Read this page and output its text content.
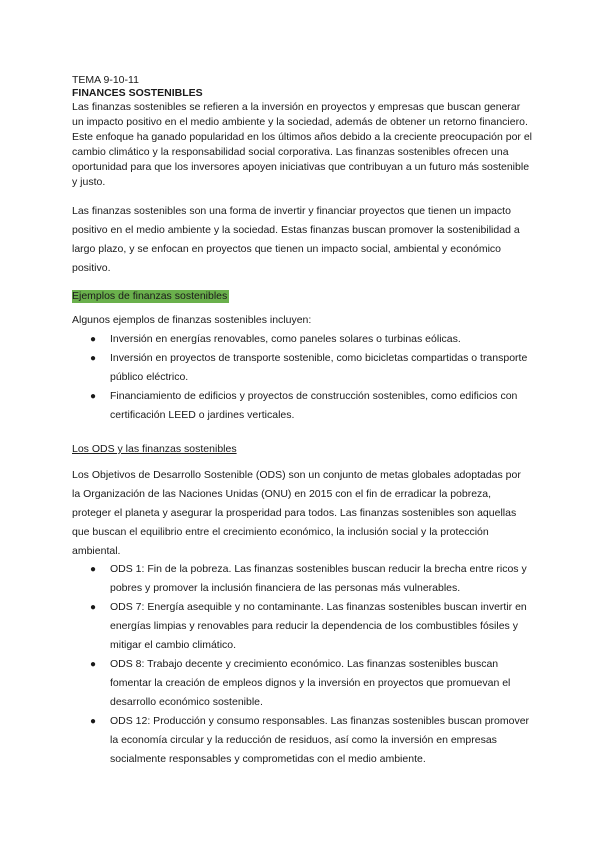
TEMA 9-10-11
FINANCES SOSTENIBLES

Las finanzas sostenibles se refieren a la inversión en proyectos y empresas que buscan generar un impacto positivo en el medio ambiente y la sociedad, además de obtener un retorno financiero. Este enfoque ha ganado popularidad en los últimos años debido a la creciente preocupación por el cambio climático y la responsabilidad social corporativa. Las finanzas sostenibles ofrecen una oportunidad para que los inversores apoyen iniciativas que contribuyan a un futuro más sostenible y justo.

Las finanzas sostenibles son una forma de invertir y financiar proyectos que tienen un impacto positivo en el medio ambiente y la sociedad. Estas finanzas buscan promover la sostenibilidad a largo plazo, y se enfocan en proyectos que tienen un impacto social, ambiental y económico positivo.

Ejemplos de finanzas sostenibles

Algunos ejemplos de finanzas sostenibles incluyen:

● Inversión en energías renovables, como paneles solares o turbinas eólicas.
● Inversión en proyectos de transporte sostenible, como bicicletas compartidas o transporte público eléctrico.
● Financiamiento de edificios y proyectos de construcción sostenibles, como edificios con certificación LEED o jardines verticales.
Los ODS y las finanzas sostenibles

Los Objetivos de Desarrollo Sostenible (ODS) son un conjunto de metas globales adoptadas por la Organización de las Naciones Unidas (ONU) en 2015 con el fin de erradicar la pobreza, proteger el planeta y asegurar la prosperidad para todos. Las finanzas sostenibles son aquellas que buscan el equilibrio entre el crecimiento económico, la inclusión social y la protección ambiental.

● ODS 1: Fin de la pobreza. Las finanzas sostenibles buscan reducir la brecha entre ricos y pobres y promover la inclusión financiera de las personas más vulnerables.
● ODS 7: Energía asequible y no contaminante. Las finanzas sostenibles buscan invertir en energías limpias y renovables para reducir la dependencia de los combustibles fósiles y mitigar el cambio climático.
● ODS 8: Trabajo decente y crecimiento económico. Las finanzas sostenibles buscan fomentar la creación de empleos dignos y la inversión en proyectos que promuevan el desarrollo económico sostenible.
● ODS 12: Producción y consumo responsables. Las finanzas sostenibles buscan promover la economía circular y la reducción de residuos, así como la inversión en empresas socialmente responsables y comprometidas con el medio ambiente.
